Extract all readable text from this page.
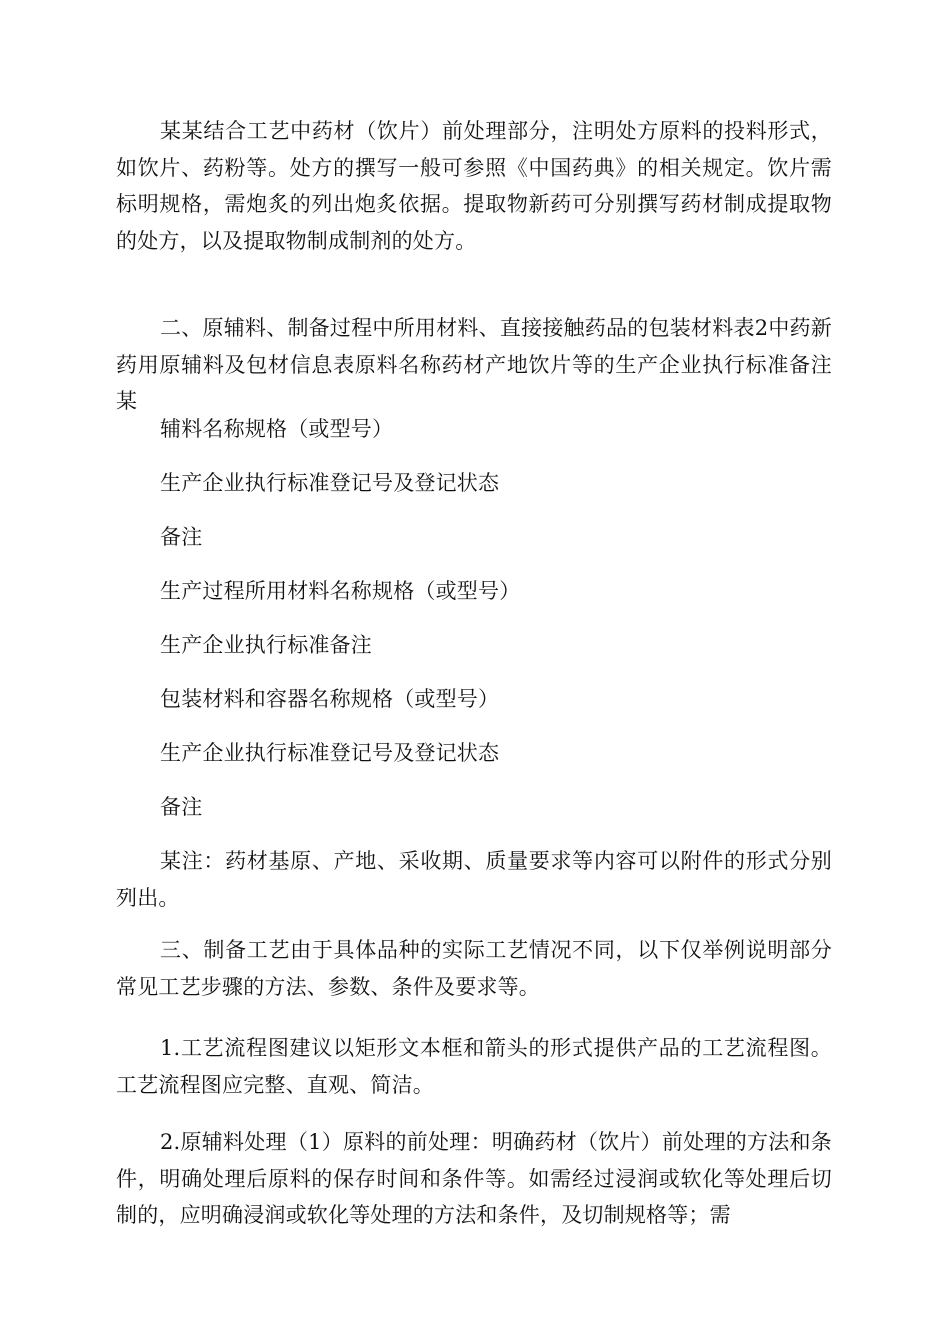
某某结合工艺中药材（饮片）前处理部分，注明处方原料的投料形式，如饮片、药粉等。处方的撰写一般可参照《中国药典》的相关规定。饮片需标明规格，需炮炙的列出炮炙依据。提取物新药可分别撰写药材制成提取物的处方，以及提取物制成制剂的处方。

二、原辅料、制备过程中所用材料、直接接触药品的包装材料表2中药新药用原辅料及包材信息表原料名称药材产地饮片等的生产企业执行标准备注某

辅料名称规格（或型号）

生产企业执行标准登记号及登记状态

备注

生产过程所用材料名称规格（或型号）

生产企业执行标准备注

包装材料和容器名称规格（或型号）

生产企业执行标准登记号及登记状态

备注

某注：药材基原、产地、采收期、质量要求等内容可以附件的形式分别列出。

三、制备工艺由于具体品种的实际工艺情况不同，以下仅举例说明部分常见工艺步骤的方法、参数、条件及要求等。

1.工艺流程图建议以矩形文本框和箭头的形式提供产品的工艺流程图。工艺流程图应完整、直观、简洁。

2.原辅料处理（1）原料的前处理：明确药材（饮片）前处理的方法和条件，明确处理后原料的保存时间和条件等。如需经过浸润或软化等处理后切制的，应明确浸润或软化等处理的方法和条件，及切制规格等；需
